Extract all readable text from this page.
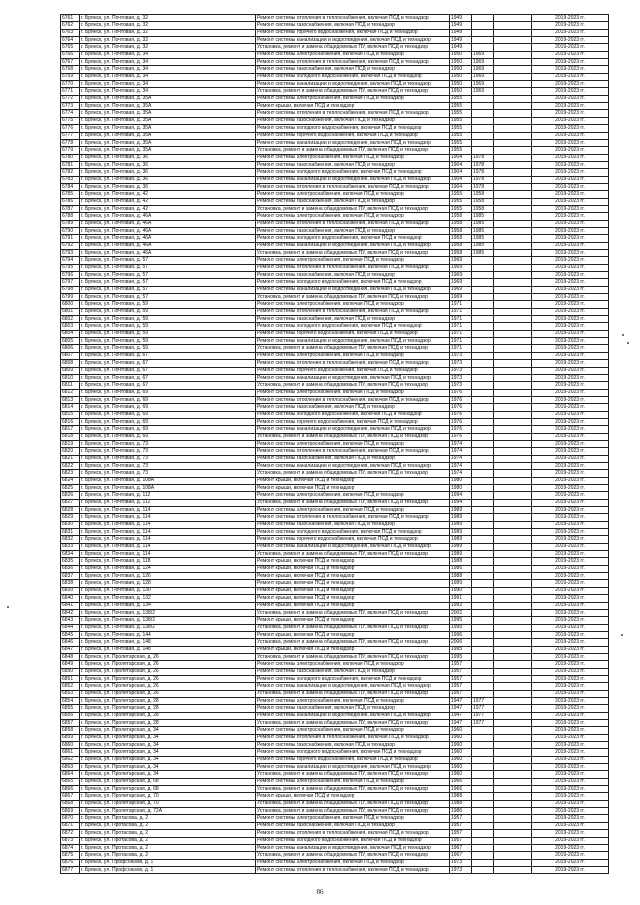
6761	г. Брянск, ул. Почтовая, д. 32	Ремонт системы отопления в теплоснабжения, включая ПСД и технадзор	1949			2019-2023 гг.
6762	г. Брянск, ул. Почтовая, д. 32	Ремонт системы газоснабжения, включая ПСД и технадзор	1949			2019-2023 гг.
6763	г. Брянск, ул. Почтовая, д. 32	Ремонт системы горячего водоснабжения, включая ПСД и технадзор	1949			2019-2023 гг.
6764	г. Брянск, ул. Почтовая, д. 32	Ремонт системы канализации и водоотведения, включая ПСД и технадзор	1949			2019-2023 гг.
6765	г. Брянск, ул. Почтовая, д. 32	Установка, ремонт и замена общедомовых ПУ, включая ПСД и технадзор	1949			2019-2023 гг.
6766	г. Брянск, ул. Почтовая, д. 34	Ремонт системы электроснабжения, включая ПСД и технадзор	1950	1969		2019-2023 гг.
6767	г. Брянск, ул. Почтовая, д. 34	Ремонт системы отопления в теплоснабжения, включая ПСД и технадзор	1950	1969		2019-2023 гг.
6768	г. Брянск, ул. Почтовая, д. 34	Ремонт системы газоснабжения, включая ПСД и технадзор	1950	1969		2019-2023 гг.
6769	г. Брянск, ул. Почтовая, д. 34	Ремонт системы холодного водоснабжения, включая ПСД и технадзор	1950	1969		2019-2023 гг.
6770	г. Брянск, ул. Почтовая, д. 34	Ремонт системы канализации и водоотведения, включая ПСД и технадзор	1950	1969		2019-2023 гг.
6771	г. Брянск, ул. Почтовая, д. 34	Установка, ремонт и замена общедомовых ПУ, включая ПСД и технадзор	1950	1969		2019-2023 гг.
6772	г. Брянск, ул. Почтовая, д. 35А	Ремонт системы электроснабжения, включая ПСД и технадзор	1955			2019-2023 гг.
6773	г. Брянск, ул. Почтовая, д. 35А	Ремонт крыши, включая ПСД и технадзор	1955			2019-2023 гг.
6774	г. Брянск, ул. Почтовая, д. 35А	Ремонт системы отопления в теплоснабжения, включая ПСД и технадзор	1955			2019-2023 гг.
6775	г. Брянск, ул. Почтовая, д. 35А	Ремонт системы газоснабжения, включая ПСД и технадзор	1955			2019-2023 гг.
6776	г. Брянск, ул. Почтовая, д. 35А	Ремонт системы холодного водоснабжения, включая ПСД и технадзор	1955			2019-2023 гг.
6777	г. Брянск, ул. Почтовая, д. 35А	Ремонт системы горячего водоснабжения, включая ПСД и технадзор	1955			2019-2023 гг.
6778	г. Брянск, ул. Почтовая, д. 35А	Ремонт системы канализации и водоотведения, включая ПСД и технадзор	1955			2019-2023 гг.
6779	г. Брянск, ул. Почтовая, д. 35А	Установка, ремонт и замена общедомовых ПУ, включая ПСД и технадзор	1955			2019-2023 гг.
6780	г. Брянск, ул. Почтовая, д. 36	Ремонт системы электроснабжения, включая ПСД и технадзор	1904	1978		2019-2023 гг.
6781	г. Брянск, ул. Почтовая, д. 36	Ремонт системы газоснабжения, включая ПСД и технадзор	1904	1978		2019-2023 гг.
6782	г. Брянск, ул. Почтовая, д. 36	Ремонт системы холодного водоснабжения, включая ПСД и технадзор	1904	1978		2019-2023 гг.
6783	г. Брянск, ул. Почтовая, д. 36	Ремонт системы канализации и водоотведения, включая ПСД и технадзор	1904	1978		2019-2023 гг.
6784	г. Брянск, ул. Почтовая, д. 36	Ремонт системы отопления в теплоснабжения, включая ПСД и технадзор	1904	1978		2019-2023 гг.
6785	г. Брянск, ул. Почтовая, д. 42	Ремонт системы электроснабжения, включая ПСД и технадзор	1955	1958		2019-2023 гг.
6786	г. Брянск, ул. Почтовая, д. 42	Ремонт системы газоснабжения, включая ПСД и технадзор	1955	1958		2019-2023 гг.
6787	г. Брянск, ул. Почтовая, д. 42	Установка, ремонт и замена общедомовых ПУ, включая ПСД и технадзор	1955	1958		2019-2023 гг.
6788	г. Брянск, ул. Почтовая, д. 46А	Ремонт системы электроснабжения, включая ПСД и технадзор	1958	1985		2019-2023 гг.
6789	г. Брянск, ул. Почтовая, д. 46А	Ремонт системы отопления в теплоснабжения, включая ПСД и технадзор	1958	1985		2019-2023 гг.
6790	г. Брянск, ул. Почтовая, д. 46А	Ремонт системы газоснабжения, включая ПСД и технадзор	1958	1985		2019-2023 гг.
6791	г. Брянск, ул. Почтовая, д. 46А	Ремонт системы холодного водоснабжения, включая ПСД и технадзор	1958	1985		2019-2023 гг.
6792	г. Брянск, ул. Почтовая, д. 46А	Ремонт системы канализации и водоотведения, включая ПСД и технадзор	1958	1985		2019-2023 гг.
6793	г. Брянск, ул. Почтовая, д. 46А	Установка, ремонт и замена общедомовых ПУ, включая ПСД и технадзор	1958	1985		2019-2023 гг.
6794	г. Брянск, ул. Почтовая, д. 57	Ремонт системы электроснабжения, включая ПСД и технадзор	1969			2019-2023 гг.
6795	г. Брянск, ул. Почтовая, д. 57	Ремонт системы отопления в теплоснабжения, включая ПСД и технадзор	1969			2019-2023 гг.
6796	г. Брянск, ул. Почтовая, д. 57	Ремонт системы газоснабжения, включая ПСД и технадзор	1969			2019-2023 гг.
6797	г. Брянск, ул. Почтовая, д. 57	Ремонт системы холодного водоснабжения, включая ПСД и технадзор	1969			2019-2023 гг.
6798	г. Брянск, ул. Почтовая, д. 57	Ремонт системы канализации и водоотведения, включая ПСД и технадзор	1969			2019-2023 гг.
6799	г. Брянск, ул. Почтовая, д. 57	Установка, ремонт и замена общедомовых ПУ, включая ПСД и технадзор	1969			2019-2023 гг.
6800	г. Брянск, ул. Почтовая, д. 59	Ремонт системы электроснабжения, включая ПСД и технадзор	1971			2019-2023 гг.
6801	г. Брянск, ул. Почтовая, д. 59	Ремонт системы отопления в теплоснабжения, включая ПСД и технадзор	1971			2019-2023 гг.
6802	г. Брянск, ул. Почтовая, д. 59	Ремонт системы газоснабжения, включая ПСД и технадзор	1971			2019-2023 гг.
6803	г. Брянск, ул. Почтовая, д. 59	Ремонт системы холодного водоснабжения, включая ПСД и технадзор	1971			2019-2023 гг.
6804	г. Брянск, ул. Почтовая, д. 59	Ремонт системы горячего водоснабжения, включая ПСД и технадзор	1971			2019-2023 гг.
6805	г. Брянск, ул. Почтовая, д. 59	Ремонт системы канализации и водоотведения, включая ПСД и технадзор	1971			2019-2023 гг.
6806	г. Брянск, ул. Почтовая, д. 59	Установка, ремонт и замена общедомовых ПУ, включая ПСД и технадзор	1971			2019-2023 гг.
6807	г. Брянск, ул. Почтовая, д. 67	Ремонт системы электроснабжения, включая ПСД и технадзор	1973			2019-2023 гг.
6808	г. Брянск, ул. Почтовая, д. 67	Ремонт системы отопления в теплоснабжения, включая ПСД и технадзор	1973			2019-2023 гг.
6809	г. Брянск, ул. Почтовая, д. 67	Ремонт системы горячего водоснабжения, включая ПСД и технадзор	1973			2019-2023 гг.
6810	г. Брянск, ул. Почтовая, д. 67	Ремонт системы канализации и водоотведения, включая ПСД и технадзор	1973			2019-2023 гг.
6811	г. Брянск, ул. Почтовая, д. 67	Установка, ремонт и замена общедомовых ПУ, включая ПСД и технадзор	1973			2019-2023 гг.
6812	г. Брянск, ул. Почтовая, д. 69	Ремонт системы электроснабжения, включая ПСД и технадзор	1976			2019-2023 гг.
6813	г. Брянск, ул. Почтовая, д. 69	Ремонт системы отопления в теплоснабжения, включая ПСД и технадзор	1976			2019-2023 гг.
6814	г. Брянск, ул. Почтовая, д. 69	Ремонт системы газоснабжения, включая ПСД и технадзор	1976			2019-2023 гг.
6815	г. Брянск, ул. Почтовая, д. 69	Ремонт системы холодного водоснабжения, включая ПСД и технадзор	1976			2019-2023 гг.
6816	г. Брянск, ул. Почтовая, д. 69	Ремонт системы горячего водоснабжения, включая ПСД и технадзор	1976			2019-2023 гг.
6817	г. Брянск, ул. Почтовая, д. 69	Ремонт системы канализации и водоотведения, включая ПСД и технадзор	1976			2019-2023 гг.
6818	г. Брянск, ул. Почтовая, д. 69	Установка, ремонт и замена общедомовых ПУ, включая ПСД и технадзор	1976			2019-2023 гг.
6819	г. Брянск, ул. Почтовая, д. 73	Ремонт системы электроснабжения, включая ПСД и технадзор	1974			2019-2023 гг.
6820	г. Брянск, ул. Почтовая, д. 73	Ремонт системы отопления в теплоснабжения, включая ПСД и технадзор	1974			2019-2023 гг.
6821	г. Брянск, ул. Почтовая, д. 73	Ремонт системы газоснабжения, включая ПСД и технадзор	1974			2019-2023 гг.
6822	г. Брянск, ул. Почтовая, д. 73	Ремонт системы канализации и водоотведения, включая ПСД и технадзор	1974			2019-2023 гг.
6823	г. Брянск, ул. Почтовая, д. 73	Установка, ремонт и замена общедомовых ПУ, включая ПСД и технадзор	1974			2019-2023 гг.
6824	г. Брянск, ул. Почтовая, д. 108А	Ремонт крыши, включая ПСД и технадзор	1980			2019-2023 гг.
6825	г. Брянск, ул. Почтовая, д. 108А	Ремонт крыши, включая ПСД и технадзор	1980			2019-2023 гг.
6826	г. Брянск, ул. Почтовая, д. 112	Ремонт системы электроснабжения, включая ПСД и технадзор	1994			2019-2023 гг.
6827	г. Брянск, ул. Почтовая, д. 112	Установка, ремонт и замена общедомовых ПУ, включая ПСД и технадзор	1994			2019-2023 гг.
6828	г. Брянск, ул. Почтовая, д. 114	Ремонт системы электроснабжения, включая ПСД и технадзор	1989			2019-2023 гг.
6829	г. Брянск, ул. Почтовая, д. 114	Ремонт системы отопления в теплоснабжения, включая ПСД и технадзор	1989			2019-2023 гг.
6830	г. Брянск, ул. Почтовая, д. 114	Ремонт системы газоснабжения, включая ПСД и технадзор	1989			2019-2023 гг.
6831	г. Брянск, ул. Почтовая, д. 114	Ремонт системы холодного водоснабжения, включая ПСД и технадзор	1989			2019-2023 гг.
6832	г. Брянск, ул. Почтовая, д. 114	Ремонт системы горячего водоснабжения, включая ПСД и технадзор	1989			2019-2023 гг.
6833	г. Брянск, ул. Почтовая, д. 114	Ремонт системы канализации и водоотведения, включая ПСД и технадзор	1989			2019-2023 гг.
6834	г. Брянск, ул. Почтовая, д. 114	Установка, ремонт и замена общедомовых ПУ, включая ПСД и технадзор	1989			2019-2023 гг.
6835	г. Брянск, ул. Почтовая, д. 118	Ремонт крыши, включая ПСД и технадзор	1988			2019-2023 гг.
6836	г. Брянск, ул. Почтовая, д. 124	Ремонт крыши, включая ПСД и технадзор	1986			2019-2023 гг.
6837	г. Брянск, ул. Почтовая, д. 126	Ремонт крыши, включая ПСД и технадзор	1988			2019-2023 гг.
6838	г. Брянск, ул. Почтовая, д. 128	Ремонт крыши, включая ПСД и технадзор	1989			2019-2023 гг.
6839	г. Брянск, ул. Почтовая, д. 130	Ремонт крыши, включая ПСД и технадзор	1990			2019-2023 гг.
6840	г. Брянск, ул. Почтовая, д. 132	Ремонт крыши, включая ПСД и технадзор	1991			2019-2023 гг.
6841	г. Брянск, ул. Почтовая, д. 134	Ремонт крыши, включая ПСД и технадзор	1992			2019-2023 гг.
6842	г. Брянск, ул. Почтовая, д. 138/2	Установка, ремонт и замена общедомовых ПУ, включая ПСД и технадзор	2002			2019-2023 гг.
6843	г. Брянск, ул. Почтовая, д. 138/2	Ремонт крыши, включая ПСД и технадзор	1995			2019-2023 гг.
6844	г. Брянск, ул. Почтовая, д. 138/2	Установка, ремонт и замена общедомовых ПУ, включая ПСД и технадзор	1995			2019-2023 гг.
6845	г. Брянск, ул. Почтовая, д. 144	Ремонт крыши, включая ПСД и технадзор	1996			2019-2023 гг.
6846	г. Брянск, ул. Почтовая, д. 148	Установка, ремонт и замена общедомовых ПУ, включая ПСД и технадзор	2006			2019-2023 гг.
6847	г. Брянск, ул. Почтовая, д. 148	Ремонт крыши, включая ПСД и технадзор	1995			2019-2023 гг.
6848	г. Брянск, ул. Пролетарская, д. 26	Установка, ремонт и замена общедомовых ПУ, включая ПСД и технадзор	1995			2019-2023 гг.
6849	г. Брянск, ул. Пролетарская, д. 26	Ремонт системы электроснабжения, включая ПСД и технадзор	1957			2019-2023 гг.
6850	г. Брянск, ул. Пролетарская, д. 26	Ремонт системы газоснабжения, включая ПСД и технадзор	1957			2019-2023 гг.
6851	г. Брянск, ул. Пролетарская, д. 26	Ремонт системы холодного водоснабжения, включая ПСД и технадзор	1957			2019-2023 гг.
6852	г. Брянск, ул. Пролетарская, д. 26	Ремонт системы канализации и водоотведения, включая ПСД и технадзор	1957			2019-2023 гг.
6853	г. Брянск, ул. Пролетарская, д. 26	Установка, ремонт и замена общедомовых ПУ, включая ПСД и технадзор	1957			2019-2023 гг.
6854	г. Брянск, ул. Пролетарская, д. 28	Ремонт системы электроснабжения, включая ПСД и технадзор	1947	1977		2019-2023 гг.
6855	г. Брянск, ул. Пролетарская, д. 28	Ремонт системы газоснабжения, включая ПСД и технадзор	1947	1977		2019-2023 гг.
6856	г. Брянск, ул. Пролетарская, д. 28	Ремонт системы канализации и водоотведения, включая ПСД и технадзор	1947	1977		2019-2023 гг.
6857	г. Брянск, ул. Пролетарская, д. 28	Установка, ремонт и замена общедомовых ПУ, включая ПСД и технадзор	1947	1977		2019-2023 гг.
6858	г. Брянск, ул. Пролетарская, д. 34	Ремонт системы электроснабжения, включая ПСД и технадзор	1960			2019-2023 гг.
6859	г. Брянск, ул. Пролетарская, д. 34	Ремонт системы отопления в теплоснабжения, включая ПСД и технадзор	1960			2019-2023 гг.
6860	г. Брянск, ул. Пролетарская, д. 34	Ремонт системы газоснабжения, включая ПСД и технадзор	1960			2019-2023 гг.
6861	г. Брянск, ул. Пролетарская, д. 34	Ремонт системы холодного водоснабжения, включая ПСД и технадзор	1960			2019-2023 гг.
6862	г. Брянск, ул. Пролетарская, д. 34	Ремонт системы горячего водоснабжения, включая ПСД и технадзор	1960			2019-2023 гг.
6863	г. Брянск, ул. Пролетарская, д. 34	Ремонт системы канализации и водоотведения, включая ПСД и технадзор	1960			2019-2023 гг.
6864	г. Брянск, ул. Пролетарская, д. 34	Установка, ремонт и замена общедомовых ПУ, включая ПСД и технадзор	1960			2019-2023 гг.
6865	г. Брянск, ул. Пролетарская, д. 68	Ремонт системы электроснабжения, включая ПСД и технадзор	1966			2019-2023 гг.
6866	г. Брянск, ул. Пролетарская, д. 68	Установка, ремонт и замена общедомовых ПУ, включая ПСД и технадзор	1966			2019-2023 гг.
6867	г. Брянск, ул. Пролетарская, д. 70	Ремонт крыши, включая ПСД и технадзор	1988			2019-2023 гг.
6868	г. Брянск, ул. Пролетарская, д. 70	Установка, ремонт и замена общедомовых ПУ, включая ПСД и технадзор	1988			2019-2023 гг.
6869	г. Брянск, ул. Пролетарская, д. 72А	Установка, ремонт и замена общедомовых ПУ, включая ПСД и технадзор	1986			2019-2023 гг.
6870	г. Брянск, ул. Протасова, д. 2	Ремонт системы электроснабжения, включая ПСД и технадзор	1957			2019-2023 гг.
6871	г. Брянск, ул. Протасова, д. 2	Ремонт системы газоснабжения, включая ПСД и технадзор	1957			2019-2023 гг.
6872	г. Брянск, ул. Протасова, д. 2	Ремонт системы отопления в теплоснабжения, включая ПСД и технадзор	1957			2019-2023 гг.
6873	г. Брянск, ул. Протасова, д. 2	Ремонт системы холодного водоснабжения, включая ПСД и технадзор	1957			2019-2023 гг.
6874	г. Брянск, ул. Протасова, д. 2	Ремонт системы канализации и водоотведения, включая ПСД и технадзор	1967			2019-2023 гг.
6875	г. Брянск, ул. Протасова, д. 2	Установка, ремонт и замена общедомовых ПУ, включая ПСД и технадзор	1967			2019-2023 гг.
6876	г. Брянск, ул. Профсоюзов, д. 1	Ремонт системы электроснабжения, включая ПСД и технадзор	1973			2019-2023 гг.
6877	г. Брянск, ул. Профсоюзов, д. 1	Ремонт системы отопления в теплоснабжения, включая ПСД и технадзор	1973			2019-2023 гг.
86
